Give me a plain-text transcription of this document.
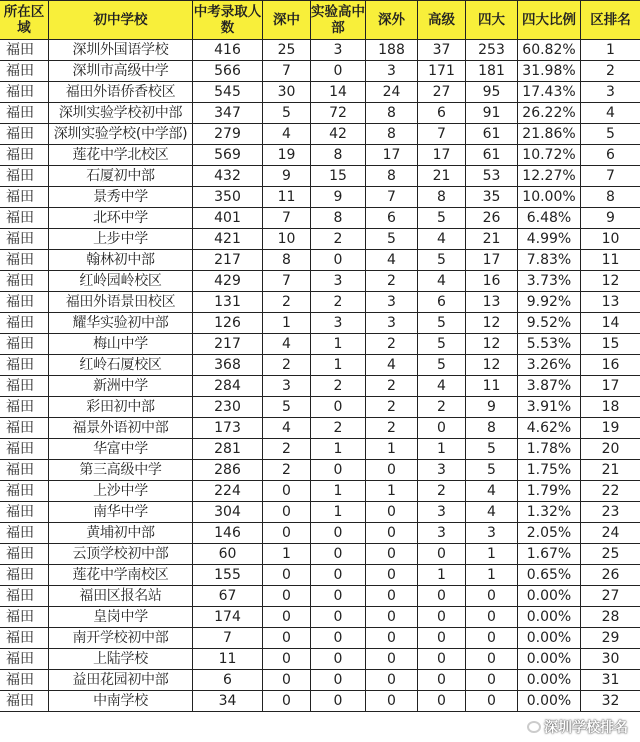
所在区域	初中学校	中考录取人数	深中	实验高中部	深外	高级	四大	四大比例	区排名
福田	深圳外国语学校	416	25	3	188	37	253	60.82%	1
福田	深圳市高级中学	566	7	0	3	171	181	31.98%	2
福田	福田外语侨香校区	545	30	14	24	27	95	17.43%	3
福田	深圳实验学校初中部	347	5	72	8	6	91	26.22%	4
福田	深圳实验学校(中学部)	279	4	42	8	7	61	21.86%	5
福田	莲花中学北校区	569	19	8	17	17	61	10.72%	6
福田	石厦初中部	432	9	15	8	21	53	12.27%	7
福田	景秀中学	350	11	9	7	8	35	10.00%	8
福田	北环中学	401	7	8	6	5	26	6.48%	9
福田	上步中学	421	10	2	5	4	21	4.99%	10
福田	翰林初中部	217	8	0	4	5	17	7.83%	11
福田	红岭园岭校区	429	7	3	2	4	16	3.73%	12
福田	福田外语景田校区	131	2	2	3	6	13	9.92%	13
福田	耀华实验初中部	126	1	3	3	5	12	9.52%	14
福田	梅山中学	217	4	1	2	5	12	5.53%	15
福田	红岭石厦校区	368	2	1	4	5	12	3.26%	16
福田	新洲中学	284	3	2	2	4	11	3.87%	17
福田	彩田初中部	230	5	0	2	2	9	3.91%	18
福田	福景外语初中部	173	4	2	2	0	8	4.62%	19
福田	华富中学	281	2	1	1	1	5	1.78%	20
福田	第三高级中学	286	2	0	0	3	5	1.75%	21
福田	上沙中学	224	0	1	1	2	4	1.79%	22
福田	南华中学	304	0	1	0	3	4	1.32%	23
福田	黄埔初中部	146	0	0	0	3	3	2.05%	24
福田	云顶学校初中部	60	1	0	0	0	1	1.67%	25
福田	莲花中学南校区	155	0	0	0	1	1	0.65%	26
福田	福田区报名站	67	0	0	0	0	0	0.00%	27
福田	皇岗中学	174	0	0	0	0	0	0.00%	28
福田	南开学校初中部	7	0	0	0	0	0	0.00%	29
福田	上陆学校	11	0	0	0	0	0	0.00%	30
福田	益田花园初中部	6	0	0	0	0	0	0.00%	31
福田	中南学校	34	0	0	0	0	0	0.00%	32
深圳学校排名
